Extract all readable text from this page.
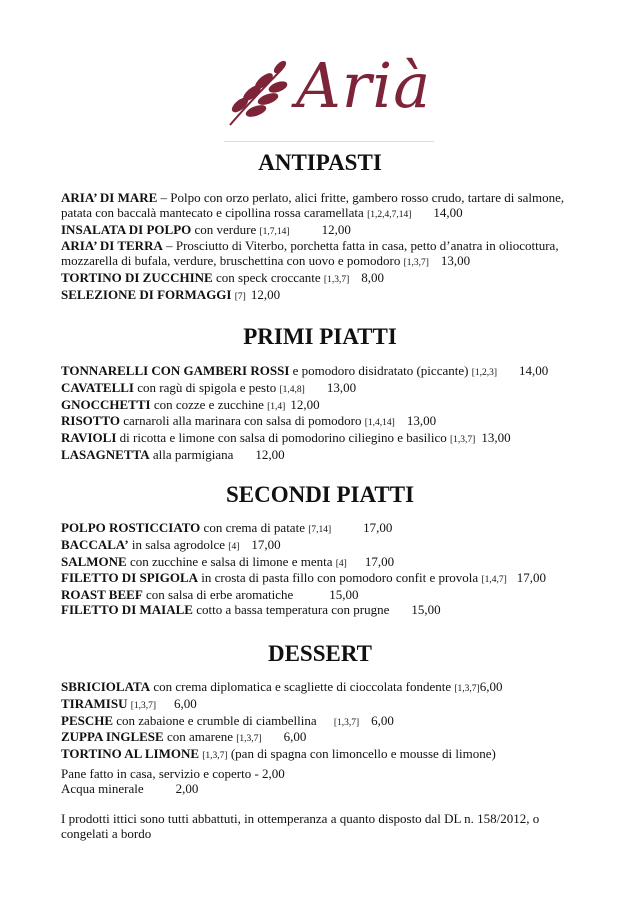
Arià
ANTIPASTI

ARIA’ DI MARE – Polpo con orzo perlato, alici fritte, gambero rosso crudo, tartare di salmone, patata con baccalà mantecato e cipollina rossa caramellata [1,2,4,7,14] 14,00

INSALATA DI POLPO con verdure [1,7,14] 12,00

ARIA’ DI TERRA – Prosciutto di Viterbo, porchetta fatta in casa, petto d’anatra in oliocottura, mozzarella di bufala, verdure, bruschettina con uovo e pomodoro [1,3,7] 13,00

TORTINO DI ZUCCHINE con speck croccante [1,3,7] 8,00

SELEZIONE DI FORMAGGI [7] 12,00

PRIMI PIATTI

TONNARELLI CON GAMBERI ROSSI e pomodoro disidratato (piccante) [1,2,3] 14,00

CAVATELLI con ragù di spigola e pesto [1,4,8] 13,00

GNOCCHETTI con cozze e zucchine [1,4] 12,00

RISOTTO carnaroli alla marinara con salsa di pomodoro [1,4,14] 13,00

RAVIOLI di ricotta e limone con salsa di pomodorino ciliegino e basilico [1,3,7] 13,00

LASAGNETTA alla parmigiana 12,00

SECONDI PIATTI

POLPO ROSTICCIATO con crema di patate [7,14] 17,00

BACCALA’ in salsa agrodolce [4] 17,00

SALMONE con zucchine e salsa di limone e menta [4] 17,00

FILETTO DI SPIGOLA in crosta di pasta fillo con pomodoro confit e provola [1,4,7] 17,00

ROAST BEEF con salsa di erbe aromatiche	15,00

FILETTO DI MAIALE cotto a bassa temperatura con prugne 15,00

DESSERT

SBRICIOLATA con crema diplomatica e scagliette di cioccolata fondente [1,3,7]6,00

TIRAMISU [1,3,7] 6,00

PESCHE con zabaione e crumble di ciambellina [1,3,7] 6,00

ZUPPA INGLESE con amarene [1,3,7] 6,00

TORTINO AL LIMONE [1,3,7] (pan di spagna con limoncello e mousse di limone)

Pane fatto in casa, servizio e coperto - 2,00

Acqua minerale 2,00

I prodotti ittici sono tutti abbattuti, in ottemperanza a quanto disposto dal DL n. 158/2012, o congelati a bordo
